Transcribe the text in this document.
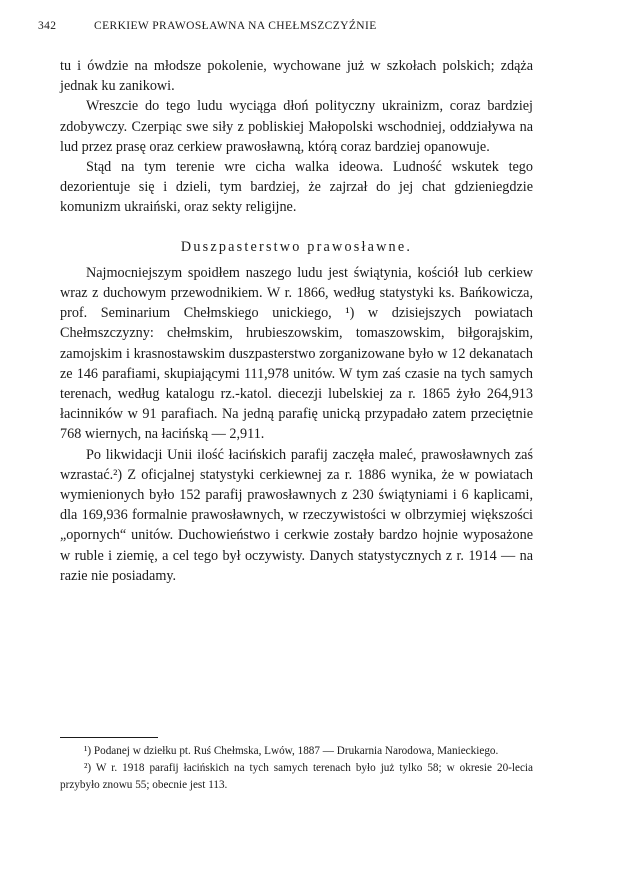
342	CERKIEW PRAWOSŁAWNA NA CHEŁMSZCZYŹNIE

tu i ówdzie na młodsze pokolenie, wychowane już w szkołach polskich; zdąża jednak ku zanikowi.

Wreszcie do tego ludu wyciąga dłoń polityczny ukrainizm, coraz bardziej zdobywczy. Czerpiąc swe siły z pobliskiej Małopolski wschodniej, oddziaływa na lud przez prasę oraz cerkiew prawosławną, którą coraz bardziej opanowuje.

Stąd na tym terenie wre cicha walka ideowa. Ludność wskutek tego dezorientuje się i dzieli, tym bardziej, że zajrzał do jej chat gdzieniegdzie komunizm ukraiński, oraz sekty religijne.

Duszpasterstwo prawosławne.

Najmocniejszym spoidłem naszego ludu jest świątynia, kościół lub cerkiew wraz z duchowym przewodnikiem. W r. 1866, według statystyki ks. Bańkowicza, prof. Seminarium Chełmskiego unickiego, ¹) w dzisiejszych powiatach Chełmszczyzny: chełmskim, hrubieszowskim, tomaszowskim, biłgorajskim, zamojskim i krasnostawskim duszpasterstwo zorganizowane było w 12 dekanatach ze 146 parafiami, skupiającymi 111,978 unitów. W tym zaś czasie na tych samych terenach, według katalogu rz.-katol. diecezji lubelskiej za r. 1865 żyło 264,913 łacinników w 91 parafiach. Na jedną parafię unicką przypadało zatem przeciętnie 768 wiernych, na łacińską — 2,911.

Po likwidacji Unii ilość łacińskich parafij zaczęła maleć, prawosławnych zaś wzrastać.²) Z oficjalnej statystyki cerkiewnej za r. 1886 wynika, że w powiatach wymienionych było 152 parafij prawosławnych z 230 świątyniami i 6 kaplicami, dla 169,936 formalnie prawosławnych, w rzeczywistości w olbrzymiej większości „opornych“ unitów. Duchowieństwo i cerkwie zostały bardzo hojnie wyposażone w ruble i ziemię, a cel tego był oczywisty. Danych statystycznych z r. 1914 — na razie nie posiadamy.

¹) Podanej w dziełku pt. Ruś Chełmska, Lwów, 1887 — Drukarnia Narodowa, Manieckiego.

²) W r. 1918 parafij łacińskich na tych samych terenach było już tylko 58; w okresie 20-lecia przybyło znowu 55; obecnie jest 113.
